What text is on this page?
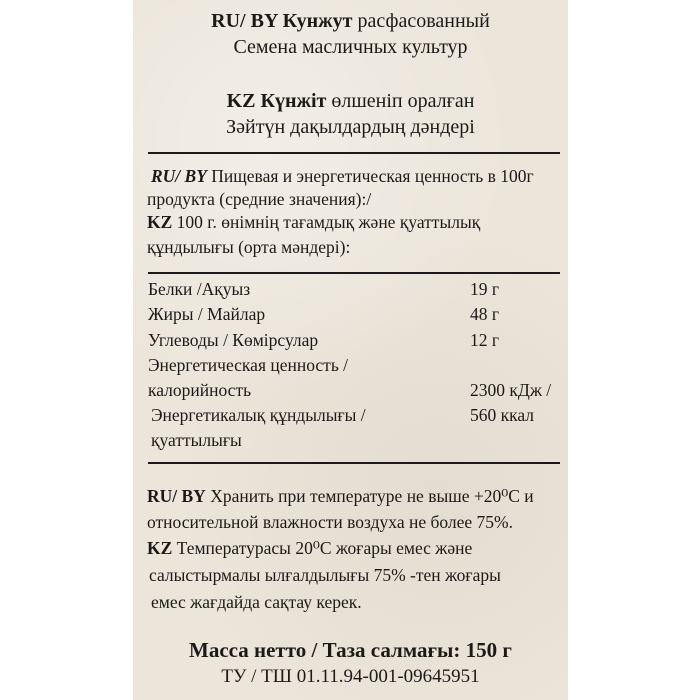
RU/ BY Кунжут расфасованный
Семена масличных культур
KZ Күнжіт өлшеніп оралған
Зәйтүн дақылдардың дәндері
RU/ BY Пищевая и энергетическая ценность в 100г
продукта (средние значения):/
KZ 100 г. өнімнің тағамдық және қуаттылық
құндылығы (орта мәндері):
Белки /Ақуыз	19 г
Жиры / Майлар	48 г
Углеводы / Көмірсулар	12 г
Энергетическая ценность /
калорийность	2300 кДж /
Энергетикалық құндылығы /	560 ккал
қуаттылығы
RU/ BY Хранить при температуре не выше +20⁰С и
относительной влажности воздуха не более 75%.
KZ Температурасы 20⁰С жоғары емес және
салыстырмалы ылғалдылығы 75% -тен жоғары
емес жағдайда сақтау керек.
Масса нетто / Таза салмағы: 150 г
ТУ / ТШ 01.11.94-001-09645951
